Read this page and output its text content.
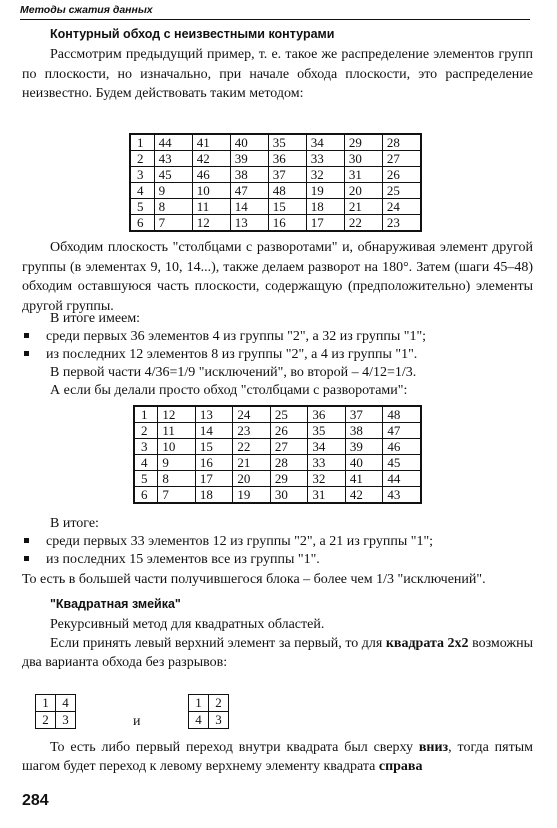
Методы сжатия данных
Контурный обход с неизвестными контурами
Рассмотрим предыдущий пример, т. е. такое же распределение элементов групп по плоскости, но изначально, при начале обхода плоскости, это распределение неизвестно. Будем действовать таким методом:
1	44	41	40	35	34	29	28
2	43	42	39	36	33	30	27
3	45	46	38	37	32	31	26
4	9	10	47	48	19	20	25
5	8	11	14	15	18	21	24
6	7	12	13	16	17	22	23
Обходим плоскость "столбцами с разворотами" и, обнаруживая элемент другой группы (в элементах 9, 10, 14...), также делаем разворот на 180°. Затем (шаги 45–48) обходим оставшуюся часть плоскости, содержащую (предположительно) элементы другой группы.
В итоге имеем:
среди первых 36 элементов 4 из группы "2", а 32 из группы "1";
из последних 12 элементов 8 из группы "2", а 4 из группы "1".
В первой части 4/36=1/9 "исключений", во второй – 4/12=1/3.
А если бы делали просто обход "столбцами с разворотами":
1	12	13	24	25	36	37	48
2	11	14	23	26	35	38	47
3	10	15	22	27	34	39	46
4	9	16	21	28	33	40	45
5	8	17	20	29	32	41	44
6	7	18	19	30	31	42	43
В итоге:
среди первых 33 элементов 12 из группы "2", а 21 из группы "1";
из последних 15 элементов все из группы "1".
То есть в большей части получившегося блока – более чем 1/3 "исключений".
"Квадратная змейка"
Рекурсивный метод для квадратных областей.
Если принять левый верхний элемент за первый, то для квадрата 2х2 возможны два варианта обхода без разрывов:
1	4
2	3	и
1	2
4	3
То есть либо первый переход внутри квадрата был сверху вниз, тогда пятым шагом будет переход к левому верхнему элементу квадрата справа
284
